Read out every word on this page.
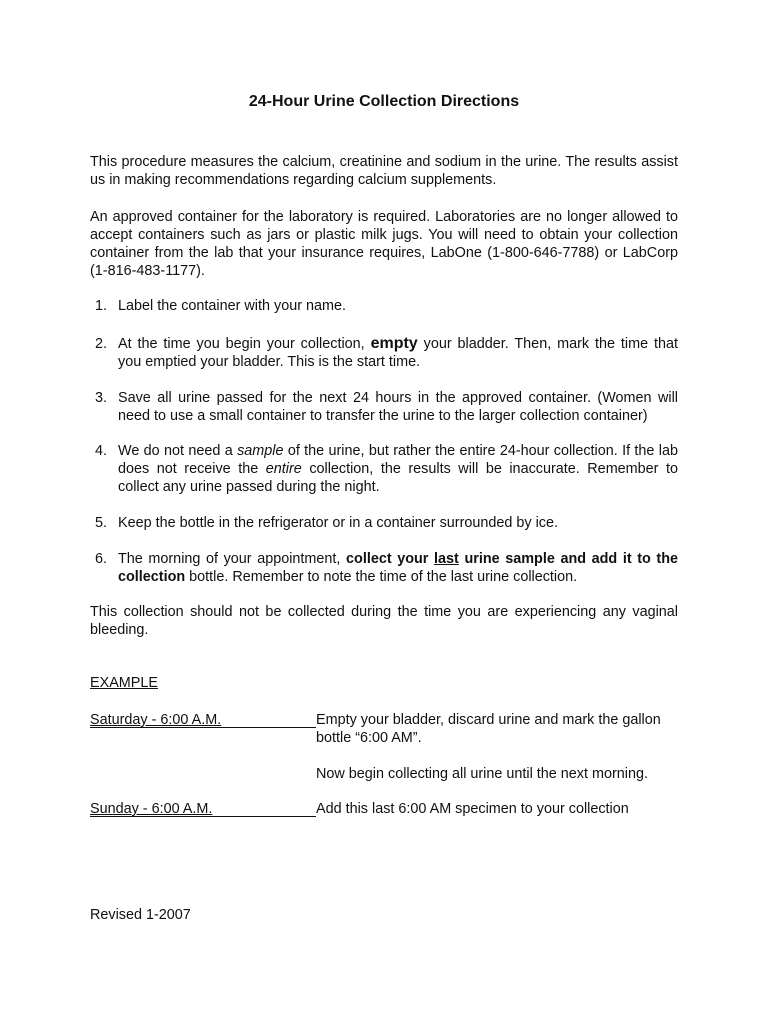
24-Hour Urine Collection Directions

This procedure measures the calcium, creatinine and sodium in the urine. The results assist us in making recommendations regarding calcium supplements.

An approved container for the laboratory is required. Laboratories are no longer allowed to accept containers such as jars or plastic milk jugs. You will need to obtain your collection container from the lab that your insurance requires, LabOne (1-800-646-7788) or LabCorp (1-816-483-1177).

1. Label the container with your name.
2. At the time you begin your collection, empty your bladder. Then, mark the time that you emptied your bladder. This is the start time.
3. Save all urine passed for the next 24 hours in the approved container. (Women will need to use a small container to transfer the urine to the larger collection container)
4. We do not need a sample of the urine, but rather the entire 24-hour collection. If the lab does not receive the entire collection, the results will be inaccurate. Remember to collect any urine passed during the night.
5. Keep the bottle in the refrigerator or in a container surrounded by ice.
6. The morning of your appointment, collect your last urine sample and add it to the collection bottle. Remember to note the time of the last urine collection.

This collection should not be collected during the time you are experiencing any vaginal bleeding.

EXAMPLE
Saturday - 6:00 A.M.	Empty your bladder, discard urine and mark the gallon bottle “6:00 AM”.
Now begin collecting all urine until the next morning.
Sunday - 6:00 A.M.	Add this last 6:00 AM specimen to your collection
Revised 1-2007
